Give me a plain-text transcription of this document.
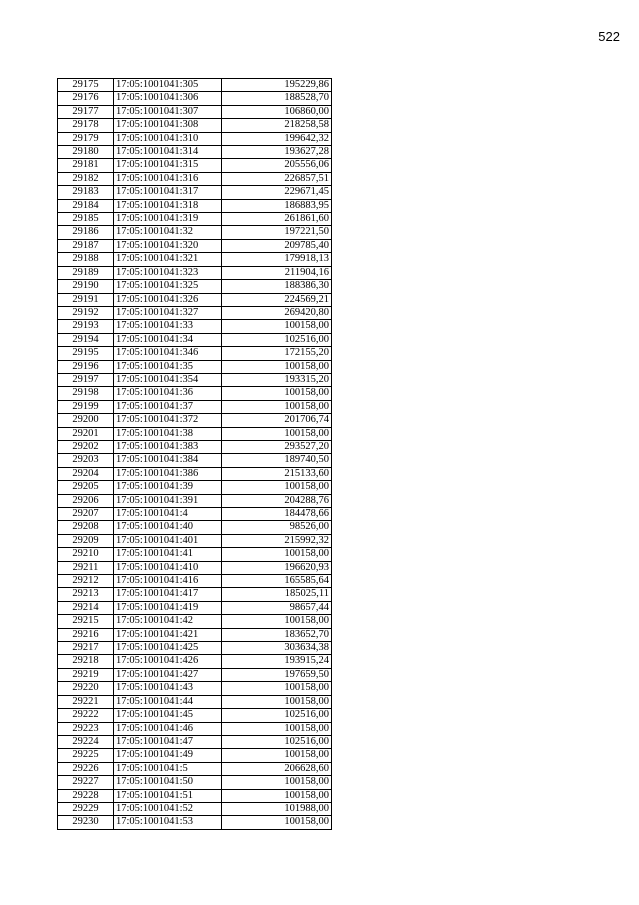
522
29175	17:05:1001041:305	195229,86
29176	17:05:1001041:306	188528,70
29177	17:05:1001041:307	106860,00
29178	17:05:1001041:308	218258,58
29179	17:05:1001041:310	199642,32
29180	17:05:1001041:314	193627,28
29181	17:05:1001041:315	205556,06
29182	17:05:1001041:316	226857,51
29183	17:05:1001041:317	229671,45
29184	17:05:1001041:318	186883,95
29185	17:05:1001041:319	261861,60
29186	17:05:1001041:32	197221,50
29187	17:05:1001041:320	209785,40
29188	17:05:1001041:321	179918,13
29189	17:05:1001041:323	211904,16
29190	17:05:1001041:325	188386,30
29191	17:05:1001041:326	224569,21
29192	17:05:1001041:327	269420,80
29193	17:05:1001041:33	100158,00
29194	17:05:1001041:34	102516,00
29195	17:05:1001041:346	172155,20
29196	17:05:1001041:35	100158,00
29197	17:05:1001041:354	193315,20
29198	17:05:1001041:36	100158,00
29199	17:05:1001041:37	100158,00
29200	17:05:1001041:372	201706,74
29201	17:05:1001041:38	100158,00
29202	17:05:1001041:383	293527,20
29203	17:05:1001041:384	189740,50
29204	17:05:1001041:386	215133,60
29205	17:05:1001041:39	100158,00
29206	17:05:1001041:391	204288,76
29207	17:05:1001041:4	184478,66
29208	17:05:1001041:40	98526,00
29209	17:05:1001041:401	215992,32
29210	17:05:1001041:41	100158,00
29211	17:05:1001041:410	196620,93
29212	17:05:1001041:416	165585,64
29213	17:05:1001041:417	185025,11
29214	17:05:1001041:419	98657,44
29215	17:05:1001041:42	100158,00
29216	17:05:1001041:421	183652,70
29217	17:05:1001041:425	303634,38
29218	17:05:1001041:426	193915,24
29219	17:05:1001041:427	197659,50
29220	17:05:1001041:43	100158,00
29221	17:05:1001041:44	100158,00
29222	17:05:1001041:45	102516,00
29223	17:05:1001041:46	100158,00
29224	17:05:1001041:47	102516,00
29225	17:05:1001041:49	100158,00
29226	17:05:1001041:5	206628,60
29227	17:05:1001041:50	100158,00
29228	17:05:1001041:51	100158,00
29229	17:05:1001041:52	101988,00
29230	17:05:1001041:53	100158,00
